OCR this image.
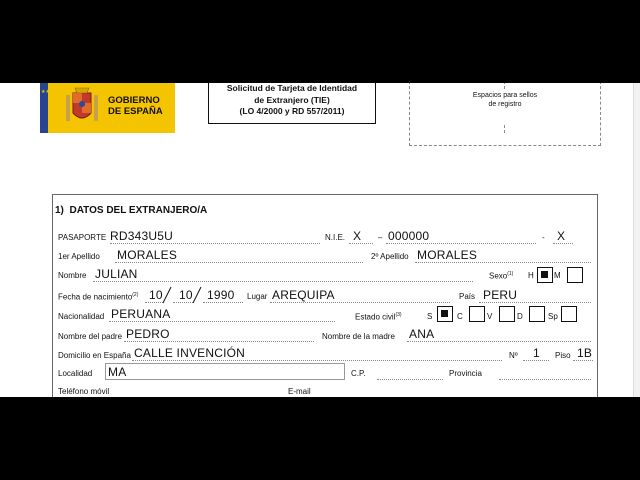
★★★★★★
GOBIERNO
DE ESPAÑA
Solicitud de Tarjeta de Identidad
de Extranjero (TIE)
(LO 4/2000 y RD 557/2011)
Espacios para sellos
de registro
1) DATOS DEL EXTRANJERO/A
PASAPORTE RD343U5U	N.I.E. X – 000000	- X
1er Apellido MORALES	2º Apellido MORALES
Nombre JULIAN	Sexo$^{(1)}$ H	M
Fecha de nacimiento$^{(2)}$ 10 10 1990 Lugar AREQUIPA	País PERU
Nacionalidad PERUANA	Estado civil$^{(3)}$	S	C	V	D	Sp
Nombre del padre PEDRO	Nombre de la madre ANA
Domicilio en España CALLE INVENCIÓN	Nº 1 Piso 1B
Localidad MA	C.P.	Provincia
Teléfono móvil	E-mail
